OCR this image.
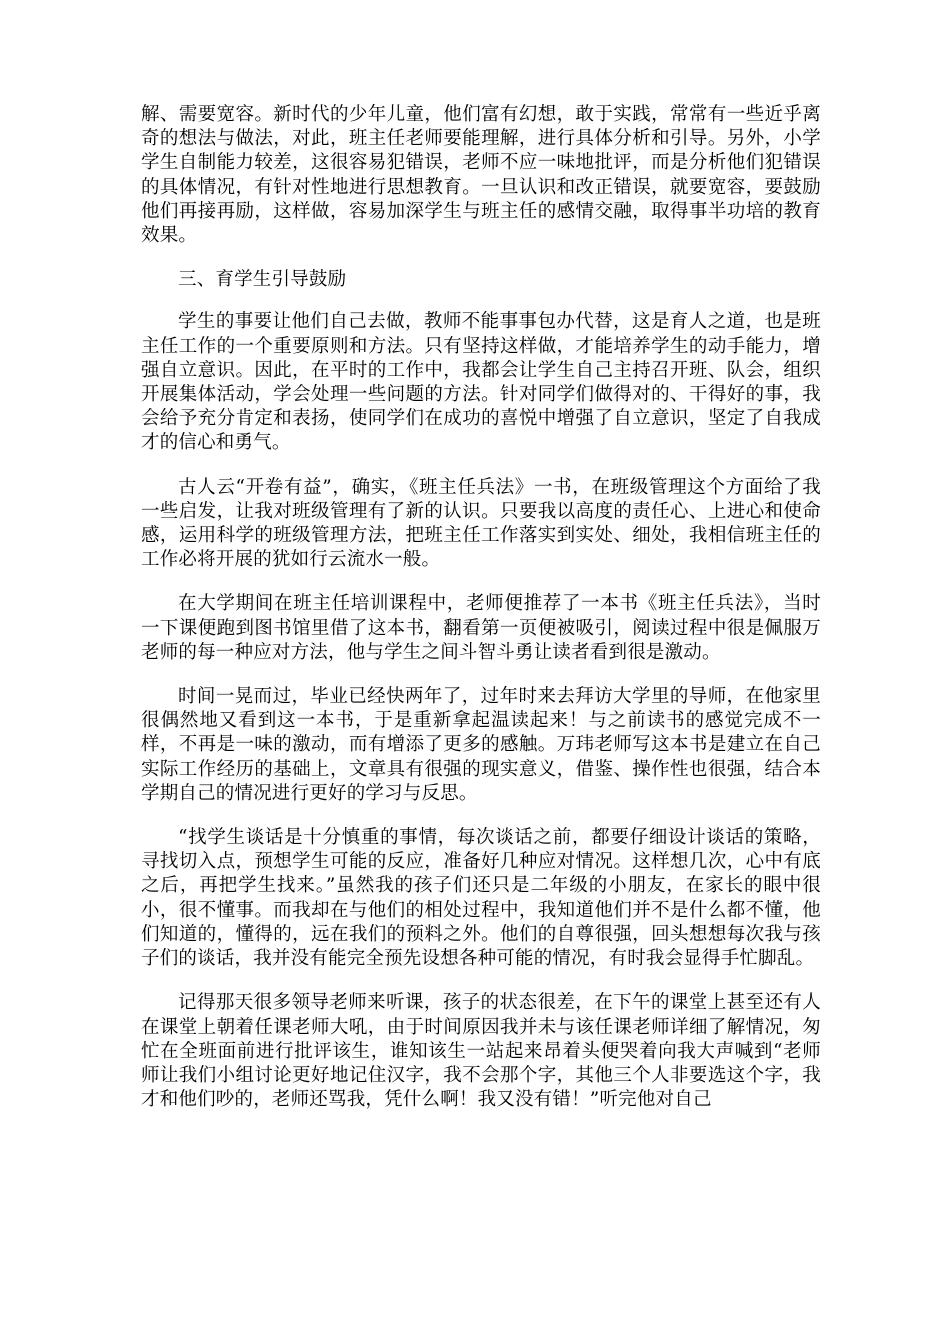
解、需要宽容。新时代的少年儿童，他们富有幻想，敢于实践，常常有一些近乎离奇的想法与做法，对此，班主任老师要能理解，进行具体分析和引导。另外，小学学生自制能力较差，这很容易犯错误，老师不应一味地批评，而是分析他们犯错误的具体情况，有针对性地进行思想教育。一旦认识和改正错误，就要宽容，要鼓励他们再接再励，这样做，容易加深学生与班主任的感情交融，取得事半功培的教育效果。

三、育学生引导鼓励

学生的事要让他们自己去做，教师不能事事包办代替，这是育人之道，也是班主任工作的一个重要原则和方法。只有坚持这样做，才能培养学生的动手能力，增强自立意识。因此，在平时的工作中，我都会让学生自己主持召开班、队会，组织开展集体活动，学会处理一些问题的方法。针对同学们做得对的、干得好的事，我会给予充分肯定和表扬，使同学们在成功的喜悦中增强了自立意识，坚定了自我成才的信心和勇气。

古人云“开卷有益”，确实，《班主任兵法》一书，在班级管理这个方面给了我一些启发，让我对班级管理有了新的认识。只要我以高度的责任心、上进心和使命感，运用科学的班级管理方法，把班主任工作落实到实处、细处，我相信班主任的工作必将开展的犹如行云流水一般。

在大学期间在班主任培训课程中，老师便推荐了一本书《班主任兵法》，当时一下课便跑到图书馆里借了这本书，翻看第一页便被吸引，阅读过程中很是佩服万老师的每一种应对方法，他与学生之间斗智斗勇让读者看到很是激动。

时间一晃而过，毕业已经快两年了，过年时来去拜访大学里的导师，在他家里很偶然地又看到这一本书，于是重新拿起温读起来！与之前读书的感觉完成不一样，不再是一味的激动，而有增添了更多的感触。万玮老师写这本书是建立在自己实际工作经历的基础上，文章具有很强的现实意义，借鉴、操作性也很强，结合本学期自己的情况进行更好的学习与反思。

“找学生谈话是十分慎重的事情，每次谈话之前，都要仔细设计谈话的策略，寻找切入点，预想学生可能的反应，准备好几种应对情况。这样想几次，心中有底之后，再把学生找来。”虽然我的孩子们还只是二年级的小朋友，在家长的眼中很小，很不懂事。而我却在与他们的相处过程中，我知道他们并不是什么都不懂，他们知道的，懂得的，远在我们的预料之外。他们的自尊很强，回头想想每次我与孩子们的谈话，我并没有能完全预先设想各种可能的情况，有时我会显得手忙脚乱。

记得那天很多领导老师来听课，孩子的状态很差，在下午的课堂上甚至还有人在课堂上朝着任课老师大吼，由于时间原因我并未与该任课老师详细了解情况，匆忙在全班面前进行批评该生，谁知该生一站起来昂着头便哭着向我大声喊到“老师师让我们小组讨论更好地记住汉字，我不会那个字，其他三个人非要选这个字，我才和他们吵的，老师还骂我，凭什么啊！我又没有错！”听完他对自己
